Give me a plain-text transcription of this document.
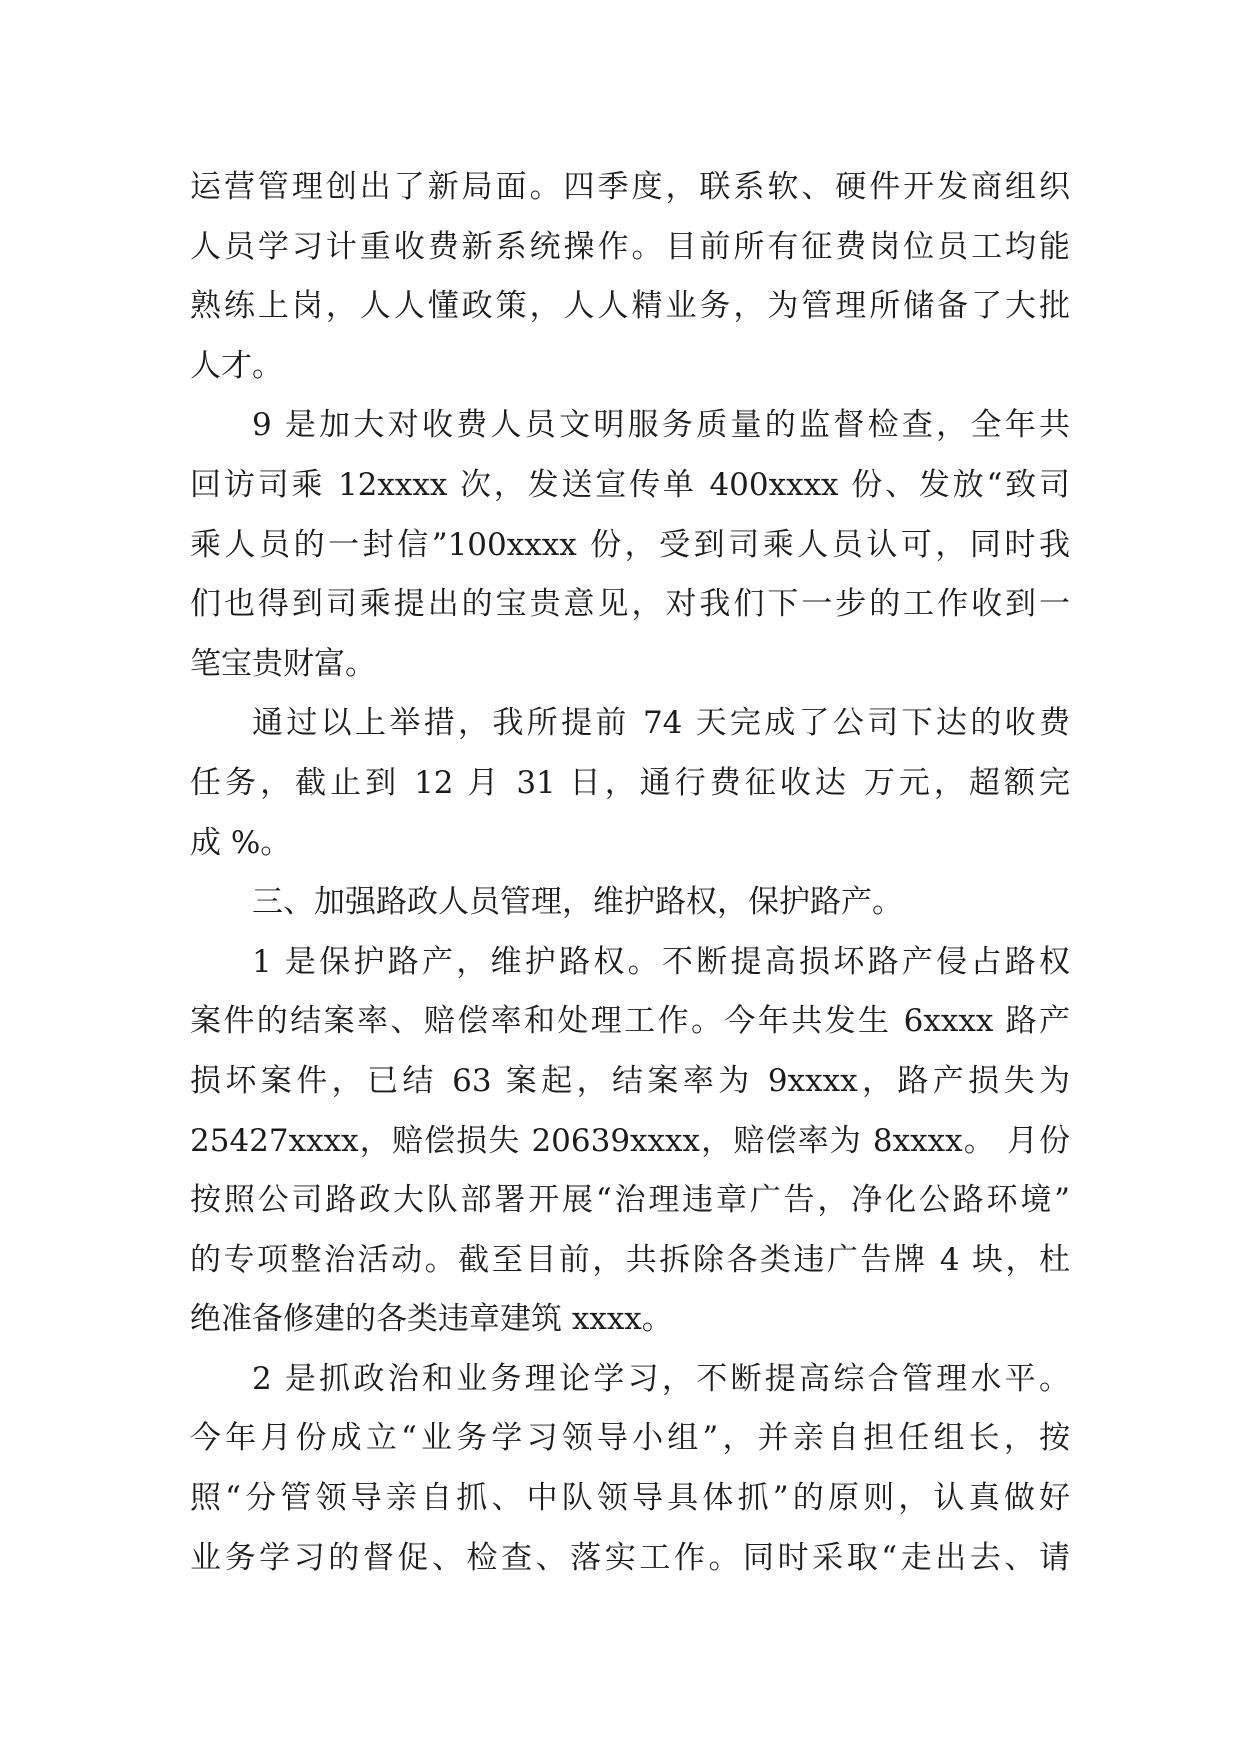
运营管理创出了新局面。四季度，联系软、硬件开发商组织
人员学习计重收费新系统操作。目前所有征费岗位员工均能
熟练上岗，人人懂政策，人人精业务，为管理所储备了大批
人才。
9 是加大对收费人员文明服务质量的监督检查，全年共
回访司乘 12xxxx 次，发送宣传单 400xxxx 份、发放“致司
乘人员的一封信”100xxxx 份，受到司乘人员认可，同时我
们也得到司乘提出的宝贵意见，对我们下一步的工作收到一
笔宝贵财富。
通过以上举措，我所提前 74 天完成了公司下达的收费
任务，截止到 12 月 31 日，通行费征收达 万元，超额完
成 %。
三、加强路政人员管理，维护路权，保护路产。
1 是保护路产，维护路权。不断提高损坏路产侵占路权
案件的结案率、赔偿率和处理工作。今年共发生 6xxxx 路产
损坏案件，已结 63 案起，结案率为 9xxxx，路产损失为
25427xxxx，赔偿损失 20639xxxx，赔偿率为 8xxxx。 月份
按照公司路政大队部署开展“治理违章广告，净化公路环境”
的专项整治活动。截至目前，共拆除各类违广告牌 4 块，杜
绝准备修建的各类违章建筑 xxxx。
2 是抓政治和业务理论学习，不断提高综合管理水平。
今年月份成立“业务学习领导小组”，并亲自担任组长，按
照“分管领导亲自抓、中队领导具体抓”的原则，认真做好
业务学习的督促、检查、落实工作。同时采取“走出去、请
